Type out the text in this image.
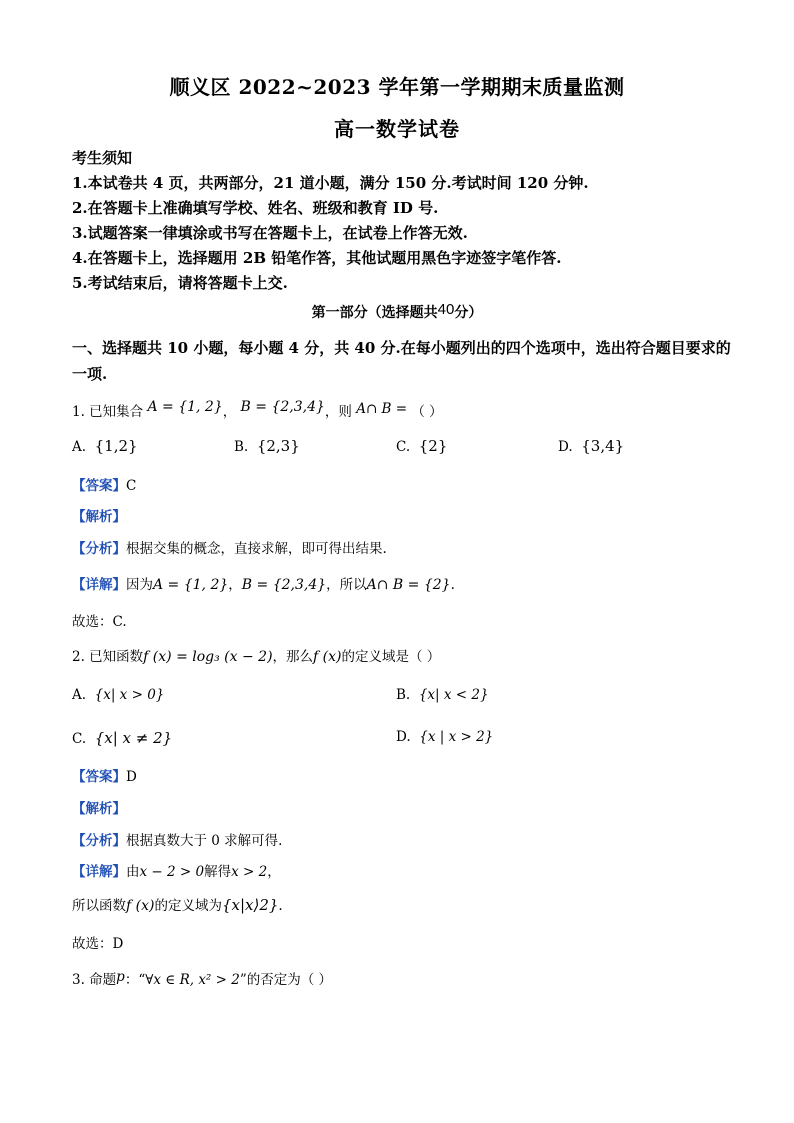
顺义区 2022~2023 学年第一学期期末质量监测
高一数学试卷
考生须知
1.本试卷共 4 页，共两部分，21 道小题，满分 150 分.考试时间 120 分钟.
2.在答题卡上准确填写学校、姓名、班级和教育 ID 号.
3.试题答案一律填涂或书写在答题卡上，在试卷上作答无效.
4.在答题卡上，选择题用 2B 铅笔作答，其他试题用黑色字迹签字笔作答.
5.考试结束后，请将答题卡上交.
第一部分（选择题共40分）
一、选择题共 10 小题，每小题 4 分，共 40 分.在每小题列出的四个选项中，选出符合题目要求的一项.
1. 已知集合 A = {1, 2}， B = {2,3,4}，则 A∩ B = （ ）
A. {1,2}	B. {2,3}	C. {2}	D. {3,4}
【答案】C
【解析】
【分析】根据交集的概念，直接求解，即可得出结果.
【详解】因为A = {1, 2}，B = {2,3,4}，所以A∩ B = {2}.
故选：C.
2. 已知函数f (x) = log₃ (x − 2)，那么f (x)的定义域是（ ）
A. {x| x > 0}	B. {x| x < 2}
C. {x| x ≠ 2}	D. {x | x > 2}
【答案】D
【解析】
【分析】根据真数大于 0 求解可得.
【详解】由x − 2 > 0解得x > 2，
所以函数f (x)的定义域为{x|x⟩2}.
故选：D
3. 命题p：“∀x ∈ R, x² > 2”的否定为（ ）
